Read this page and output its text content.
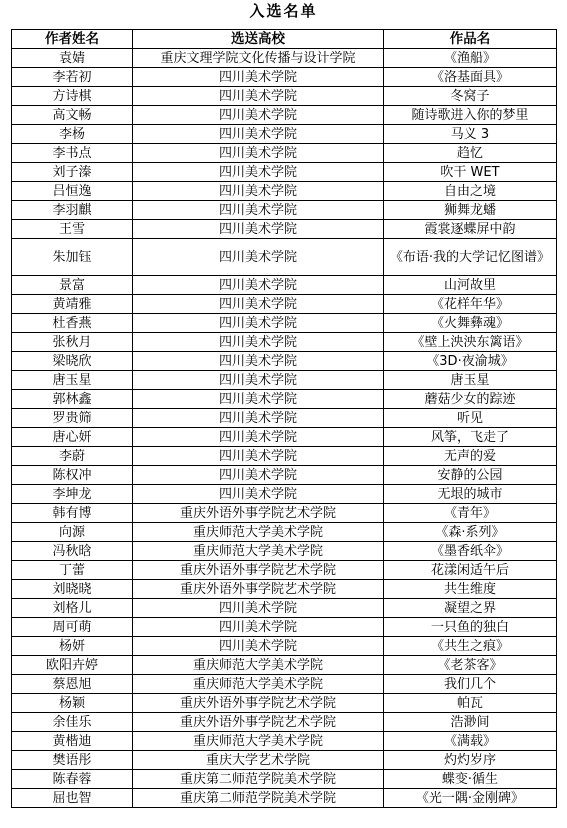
入选名单
作者姓名	选送高校	作品名
袁婧	重庆文理学院文化传播与设计学院	《渔船》
李若初	四川美术学院	《洛基面具》
方诗棋	四川美术学院	冬窝子
高文畅	四川美术学院	随诗歌进入你的梦里
李杨	四川美术学院	马义 3
李书点	四川美术学院	趋忆
刘子溱	四川美术学院	吹干 WET
吕恒逸	四川美术学院	自由之境
李羽麒	四川美术学院	狮舞龙蟠
王雪	四川美术学院	霞裳逐蝶屏中韵
朱加钰	四川美术学院	《布语·我的大学记忆图谱》
景富	四川美术学院	山河故里
黄靖雅	四川美术学院	《花样年华》
杜香燕	四川美术学院	《火舞彝魂》
张秋月	四川美术学院	《壁上泱泱东篱语》
梁晓欣	四川美术学院	《3D·夜渝城》
唐玉星	四川美术学院	唐玉星
郭林鑫	四川美术学院	蘑菇少女的踪迹
罗贵筛	四川美术学院	听见
唐心妍	四川美术学院	风筝，飞走了
李蔚	四川美术学院	无声的爱
陈权冲	四川美术学院	安静的公园
李坤龙	四川美术学院	无垠的城市
韩有博	重庆外语外事学院艺术学院	《青年》
向源	重庆师范大学美术学院	《森·系列》
冯秋晗	重庆师范大学美术学院	《墨香纸伞》
丁蕾	重庆外语外事学院艺术学院	花漾闲适午后
刘晓晓	重庆外语外事学院艺术学院	共生维度
刘格儿	四川美术学院	凝望之界
周可萌	四川美术学院	一只鱼的独白
杨妍	四川美术学院	《共生之痕》
欧阳卉婷	重庆师范大学美术学院	《老茶客》
蔡恩旭	重庆师范大学美术学院	我们几个
杨颖	重庆外语外事学院艺术学院	帕瓦
余佳乐	重庆外语外事学院艺术学院	浩渺间
黄楷迪	重庆师范大学美术学院	《满载》
樊语彤	重庆大学艺术学院	灼灼岁序
陈春蓉	重庆第二师范学院美术学院	蝶变·循生
屈也智	重庆第二师范学院美术学院	《光一隅·金刚碑》
